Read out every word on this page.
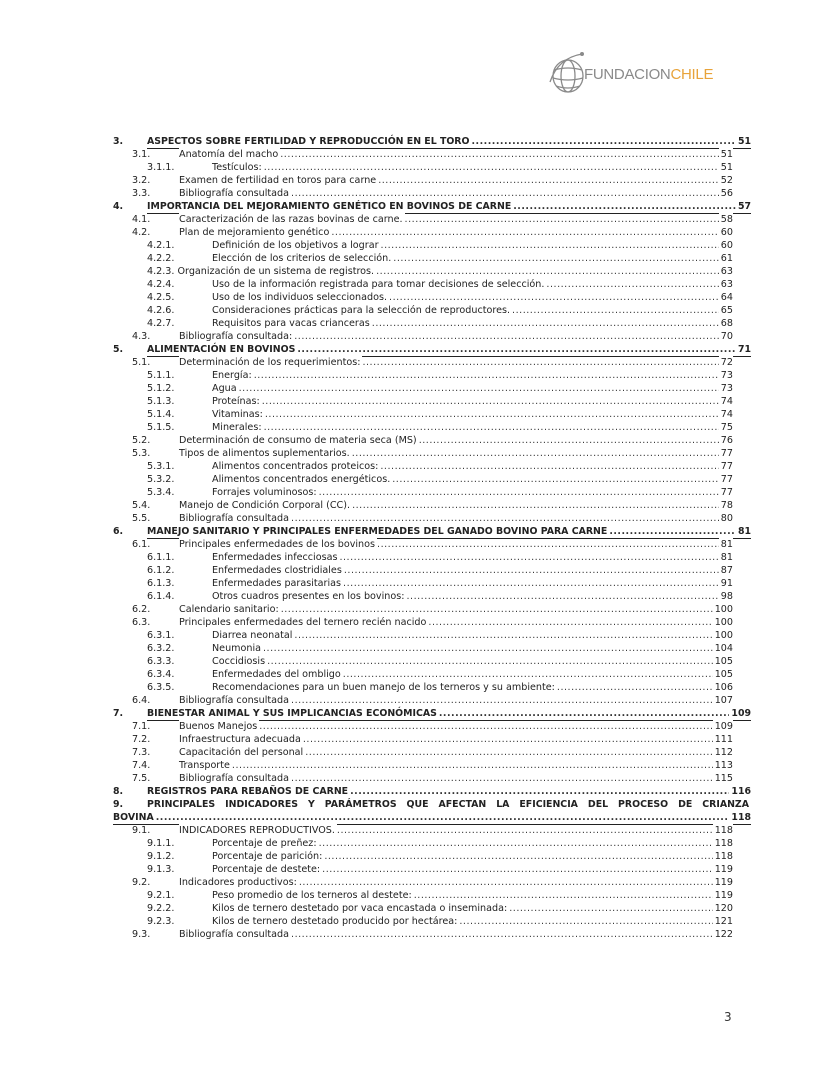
FUNDACIONCHILE
3.	ASPECTOS SOBRE FERTILIDAD Y REPRODUCCIÓN EN EL TORO .....	51
3.1.	Anatomía del macho .....	51
3.1.1.	Testículos: .....	51
3.2.	Examen de fertilidad en toros para carne .....	52
3.3.	Bibliografía consultada .....	56
4.	IMPORTANCIA DEL MEJORAMIENTO GENÉTICO EN BOVINOS DE CARNE .....	57
4.1.	Caracterización de las razas bovinas de carne. .....	58
4.2.	Plan de mejoramiento genético .....	60
4.2.1.	Definición de los objetivos a lograr .....	60
4.2.2.	Elección de los criterios de selección. .....	61
4.2.3. Organización de un sistema de registros. .....	63
4.2.4.	Uso de la información registrada para tomar decisiones de selección. .....	63
4.2.5.	Uso de los individuos seleccionados. .....	64
4.2.6.	Consideraciones prácticas para la selección de reproductores. .....	65
4.2.7.	Requisitos para vacas crianceras .....	68
4.3.	Bibliografía consultada: .....	70
5.	ALIMENTACIÓN EN BOVINOS .....	71
5.1.	Determinación de los requerimientos: .....	72
5.1.1.	Energía: .....	73
5.1.2.	Agua .....	73
5.1.3.	Proteínas: .....	74
5.1.4.	Vitaminas: .....	74
5.1.5.	Minerales: .....	75
5.2.	Determinación de consumo de materia seca (MS) .....	76
5.3.	Tipos de alimentos suplementarios. .....	77
5.3.1.	Alimentos concentrados proteicos: .....	77
5.3.2.	Alimentos concentrados energéticos. .....	77
5.3.4.	Forrajes voluminosos: .....	77
5.4.	Manejo de Condición Corporal (CC). .....	78
5.5.	Bibliografía consultada .....	80
6.	MANEJO SANITARIO Y PRINCIPALES ENFERMEDADES DEL GANADO BOVINO PARA CARNE .....	81
6.1.	Principales enfermedades de los bovinos .....	81
6.1.1.	Enfermedades infecciosas .....	81
6.1.2.	Enfermedades clostridiales .....	87
6.1.3.	Enfermedades parasitarias .....	91
6.1.4.	Otros cuadros presentes en los bovinos: .....	98
6.2.	Calendario sanitario: .....	100
6.3.	Principales enfermedades del ternero recién nacido .....	100
6.3.1.	Diarrea neonatal .....	100
6.3.2.	Neumonia .....	104
6.3.3.	Coccidiosis .....	105
6.3.4.	Enfermedades del ombligo .....	105
6.3.5.	Recomendaciones para un buen manejo de los terneros y su ambiente: .....	106
6.4.	Bibliografía consultada .....	107
7.	BIENESTAR ANIMAL Y SUS IMPLICANCIAS ECONÓMICAS .....	109
7.1.	Buenos Manejos .....	109
7.2.	Infraestructura adecuada .....	111
7.3.	Capacitación del personal .....	112
7.4.	Transporte .....	113
7.5.	Bibliografía consultada .....	115
8.	REGISTROS PARA REBAÑOS DE CARNE .....	116
9.	PRINCIPALES INDICADORES Y PARÁMETROS QUE AFECTAN LA EFICIENCIA DEL PROCESO DE CRIANZA
BOVINA .....	118
9.1.	INDICADORES REPRODUCTIVOS. .....	118
9.1.1.	Porcentaje de preñez: .....	118
9.1.2.	Porcentaje de parición: .....	118
9.1.3.	Porcentaje de destete: .....	119
9.2.	Indicadores productivos: .....	119
9.2.1.	Peso promedio de los terneros al destete: .....	119
9.2.2.	Kilos de ternero destetado por vaca encastada o inseminada: .....	120
9.2.3.	Kilos de ternero destetado producido por hectárea: .....	121
9.3.	Bibliografía consultada .....	122
3
